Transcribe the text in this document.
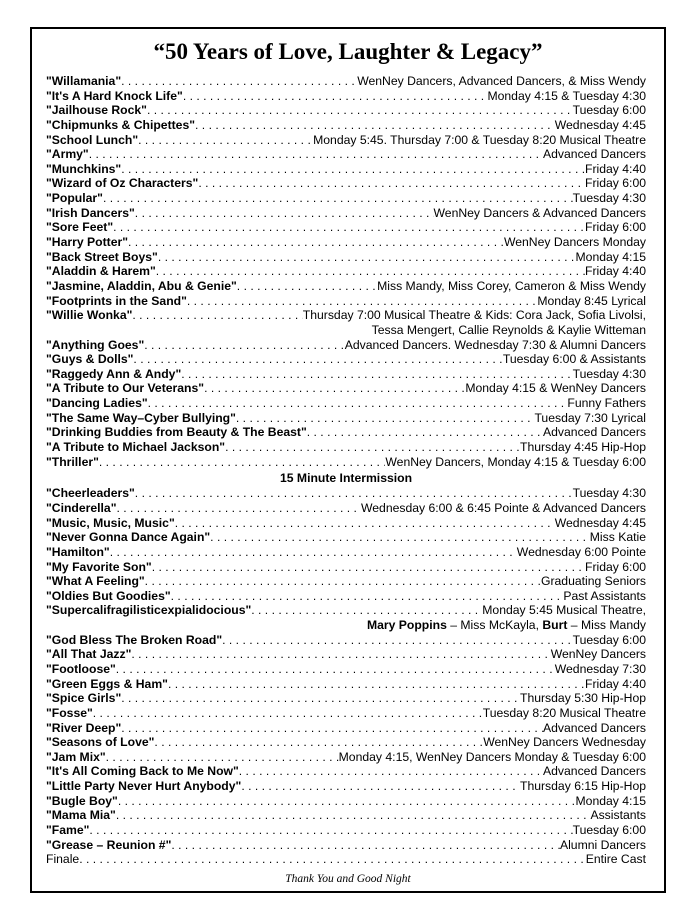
“50 Years of Love, Laughter & Legacy”
"Willamania" . . .	WenNey Dancers, Advanced Dancers, & Miss Wendy
"It's A Hard Knock Life" . . .	Monday 4:15 & Tuesday 4:30
"Jailhouse Rock" . . .	Tuesday 6:00
"Chipmunks & Chipettes" . . .	Wednesday 4:45
"School Lunch" . . .	Monday 5:45. Thursday 7:00 & Tuesday 8:20 Musical Theatre
"Army" . . .	Advanced Dancers
"Munchkins" . . .	Friday 4:40
"Wizard of Oz Characters" . . .	Friday 6:00
"Popular" . . .	Tuesday 4:30
"Irish Dancers" . . .	WenNey Dancers & Advanced Dancers
"Sore Feet" . . .	Friday 6:00
"Harry Potter" . . .	WenNey Dancers Monday
"Back Street Boys" . . .	Monday 4:15
"Aladdin & Harem" . . .	Friday 4:40
"Jasmine, Aladdin, Abu & Genie" . . .	Miss Mandy, Miss Corey, Cameron & Miss Wendy
"Footprints in the Sand" . . .	Monday 8:45 Lyrical
"Willie Wonka" . . .	Thursday 7:00 Musical Theatre & Kids: Cora Jack, Sofia Livolsi,
Tessa Mengert, Callie Reynolds & Kaylie Witteman
"Anything Goes" . . .	Advanced Dancers. Wednesday 7:30 & Alumni Dancers
"Guys & Dolls" . . .	Tuesday 6:00 & Assistants
"Raggedy Ann & Andy" . . .	Tuesday 4:30
"A Tribute to Our Veterans" . . .	Monday 4:15 & WenNey Dancers
"Dancing Ladies" . . .	Funny Fathers
"The Same Way–Cyber Bullying" . . .	Tuesday 7:30 Lyrical
"Drinking Buddies from Beauty & The Beast" . . .	Advanced Dancers
"A Tribute to Michael Jackson" . . .	Thursday 4:45 Hip-Hop
"Thriller" . . .	WenNey Dancers, Monday 4:15 & Tuesday 6:00
15 Minute Intermission
"Cheerleaders" . . .	Tuesday 4:30
"Cinderella" . . .	Wednesday 6:00 & 6:45 Pointe & Advanced Dancers
"Music, Music, Music" . . .	Wednesday 4:45
"Never Gonna Dance Again" . . .	Miss Katie
"Hamilton" . . .	Wednesday 6:00 Pointe
"My Favorite Son" . . .	Friday 6:00
"What A Feeling" . . .	Graduating Seniors
"Oldies But Goodies" . . .	Past Assistants
"Supercalifragilisticexpialidocious" . . .	Monday 5:45 Musical Theatre,
Mary Poppins – Miss McKayla, Burt – Miss Mandy
"God Bless The Broken Road" . . .	Tuesday 6:00
"All That Jazz" . . .	WenNey Dancers
"Footloose" . . .	Wednesday 7:30
"Green Eggs & Ham" . . .	Friday 4:40
"Spice Girls" . . .	Thursday 5:30 Hip-Hop
"Fosse" . . .	Tuesday 8:20 Musical Theatre
"River Deep" . . .	Advanced Dancers
"Seasons of Love" . . .	WenNey Dancers Wednesday
"Jam Mix" . . .	Monday 4:15, WenNey Dancers Monday & Tuesday 6:00
"It's All Coming Back to Me Now" . . .	Advanced Dancers
"Little Party Never Hurt Anybody" . . .	Thursday 6:15 Hip-Hop
"Bugle Boy" . . .	Monday 4:15
"Mama Mia" . . .	Assistants
"Fame" . . .	Tuesday 6:00
"Grease – Reunion #" . . .	Alumni Dancers
Finale . . .	Entire Cast
Thank You and Good Night
